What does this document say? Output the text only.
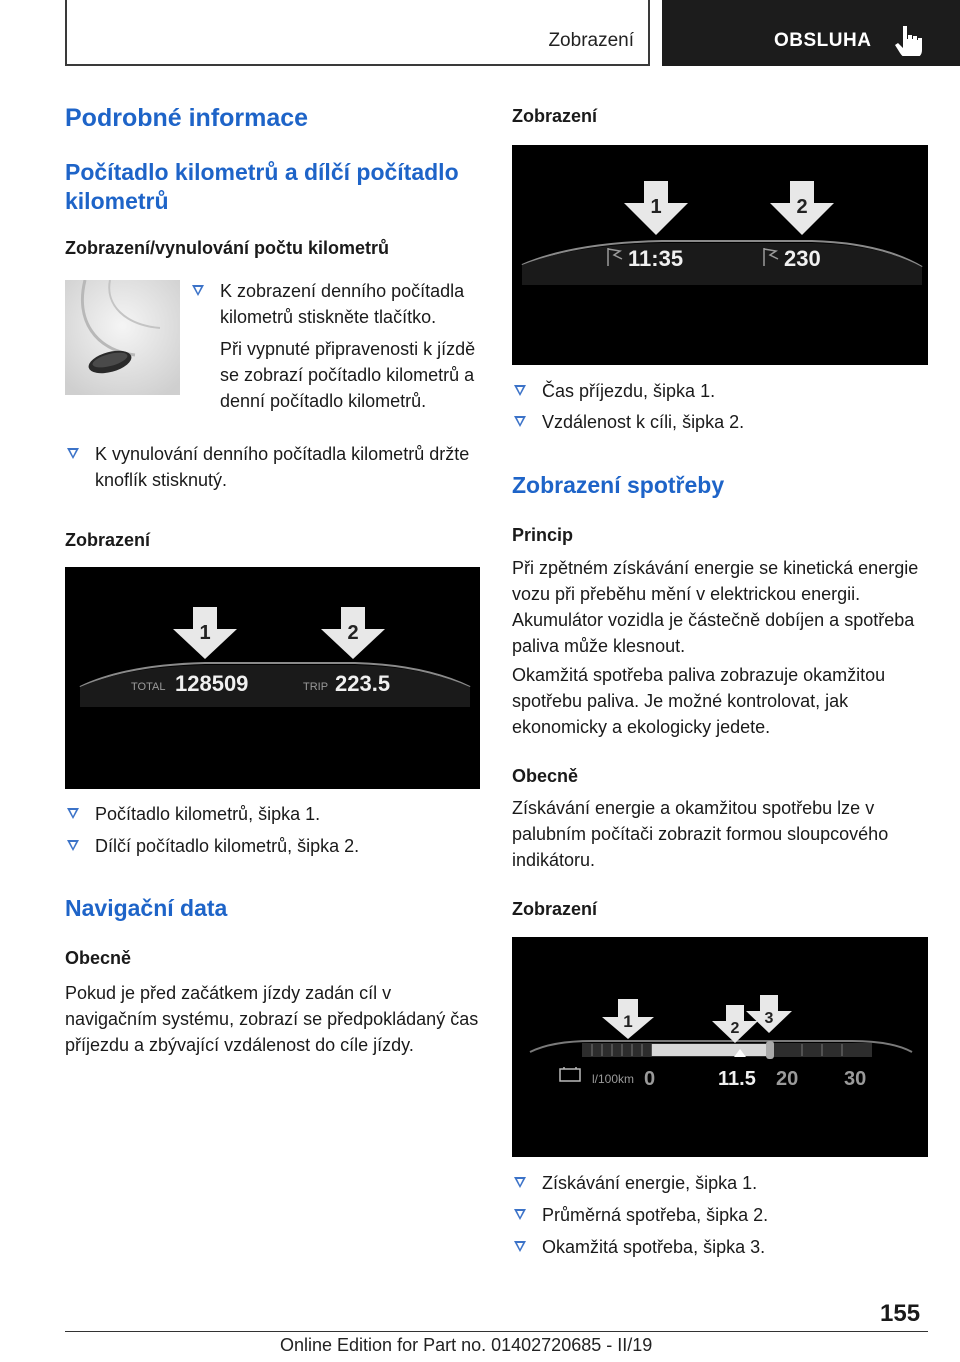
Zobrazení	OBSLUHA
Podrobné informace
Počítadlo kilometrů a dílčí počítadlo kilometrů
Zobrazení/vynulování počtu kilometrů
K zobrazení denního počítadla kilometrů stiskněte tlačítko.
Při vypnuté připravenosti k jízdě se zobrazí počítadlo kilometrů a denní počítadlo kilometrů.
K vynulování denního počítadla kilometrů držte knoflík stisknutý.
Zobrazení
1	2
TOTAL 128509	TRIP 223.5
Počítadlo kilometrů, šipka 1.
Dílčí počítadlo kilometrů, šipka 2.
Navigační data
Obecně
Pokud je před začátkem jízdy zadán cíl v navigačním systému, zobrazí se předpokládaný čas příjezdu a zbývající vzdálenost do cíle jízdy.
Zobrazení
1	2
11:35	230
Čas příjezdu, šipka 1.
Vzdálenost k cíli, šipka 2.
Zobrazení spotřeby
Princip
Při zpětném získávání energie se kinetická energie vozu při přeběhu mění v elektrickou energii. Akumulátor vozidla je částečně dobíjen a spotřeba paliva může klesnout.
Okamžitá spotřeba paliva zobrazuje okamžitou spotřebu paliva. Je možné kontrolovat, jak ekonomicky a ekologicky jedete.
Obecně
Získávání energie a okamžitou spotřebu lze v palubním počítači zobrazit formou sloupcového indikátoru.
Zobrazení
1	2
3
l/100km 0	11.5 20 30
Získávání energie, šipka 1.
Průměrná spotřeba, šipka 2.
Okamžitá spotřeba, šipka 3.
155
Online Edition for Part no. 01402720685 - II/19
